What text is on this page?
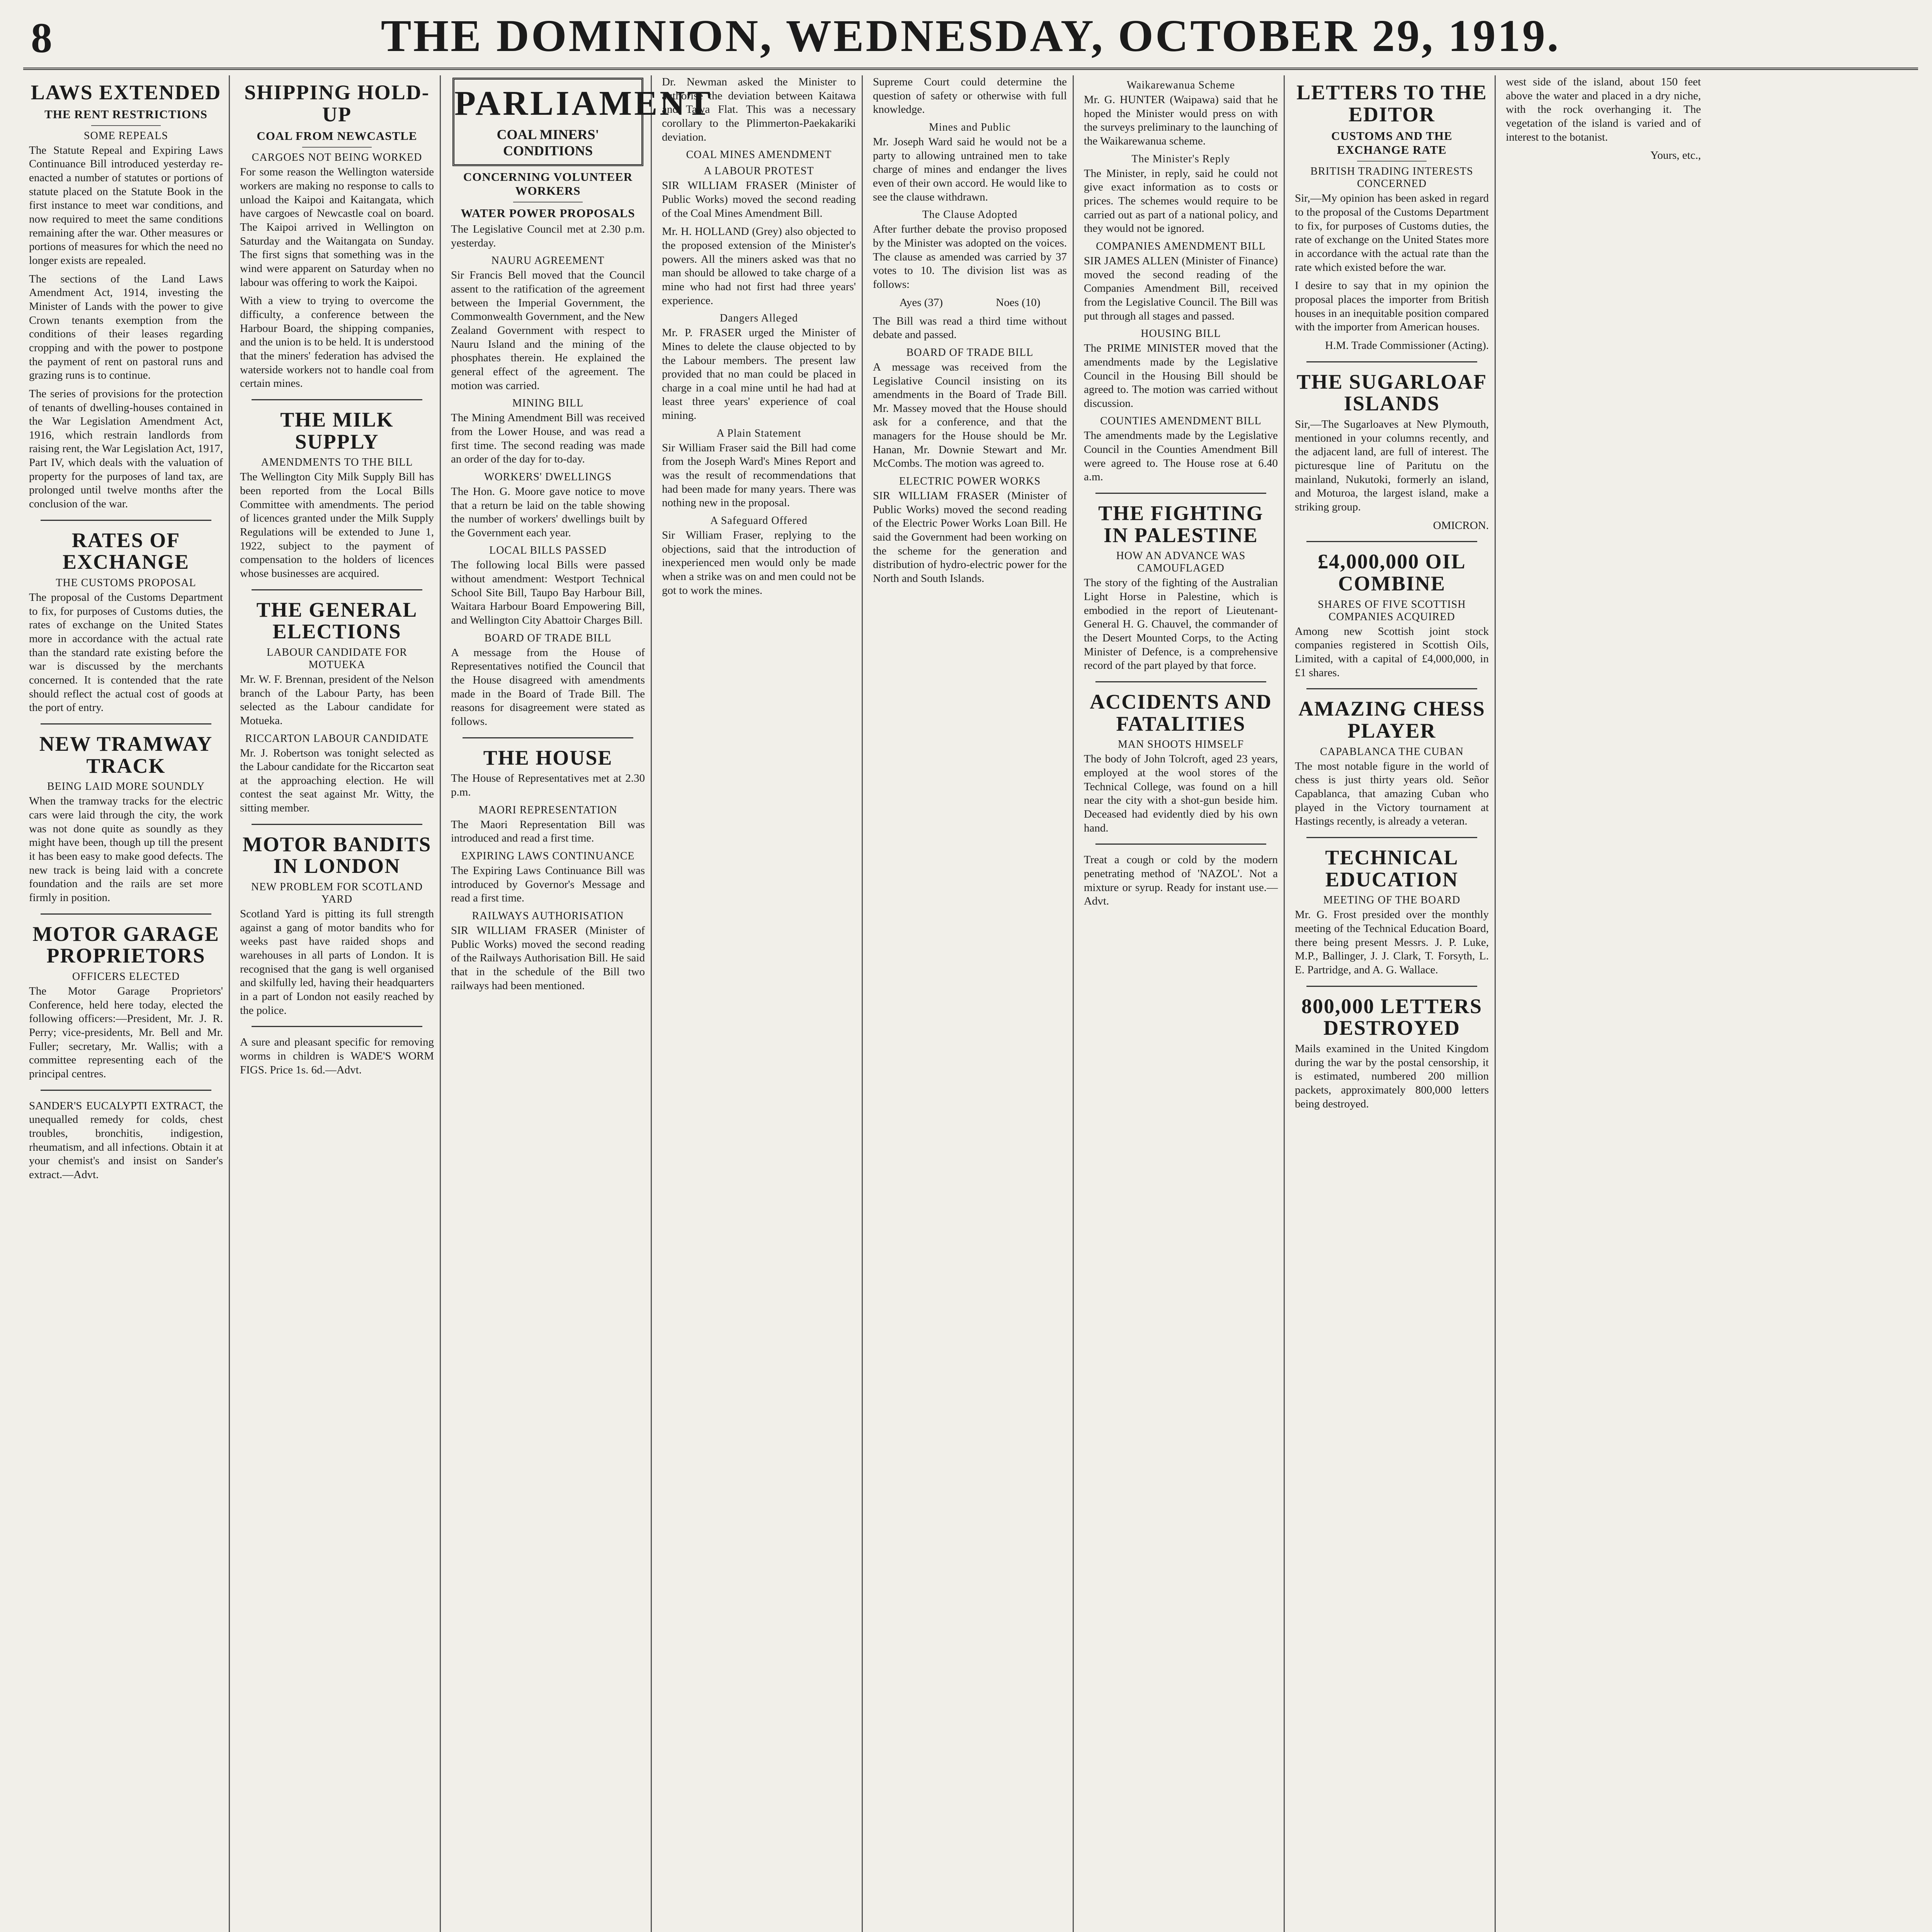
8	THE DOMINION, WEDNESDAY, OCTOBER 29, 1919.
LAWS EXTENDED
THE RENT RESTRICTIONS
SOME REPEALS

The Statute Repeal and Expiring Laws Continuance Bill introduced yesterday re-enacted a number of statutes or portions of statute placed on the Statute Book in the first instance to meet war conditions, and now required to meet the same conditions remaining after the war. Other measures or portions of measures for which the need no longer exists are repealed.

The sections of the Land Laws Amendment Act, 1914, investing the Minister of Lands with the power to give Crown tenants exemption from the conditions of their leases regarding cropping and with the power to postpone the payment of rent on pastoral runs and grazing runs is to continue.

The series of provisions for the protection of tenants of dwelling-houses contained in the War Legislation Amendment Act, 1916, which restrain landlords from raising rent, the War Legislation Act, 1917, Part IV, which deals with the valuation of property for the purposes of land tax, are prolonged until twelve months after the conclusion of the war.

RATES OF EXCHANGE
THE CUSTOMS PROPOSAL

The proposal of the Customs Department to fix, for purposes of Customs duties, the rates of exchange on the United States more in accordance with the actual rate than the standard rate existing before the war is discussed by the merchants concerned. It is contended that the rate should reflect the actual cost of goods at the port of entry.

NEW TRAMWAY TRACK
BEING LAID MORE SOUNDLY

When the tramway tracks for the electric cars were laid through the city, the work was not done quite as soundly as they might have been, though up till the present it has been easy to make good defects. The new track is being laid with a concrete foundation and the rails are set more firmly in position.

MOTOR GARAGE PROPRIETORS
OFFICERS ELECTED

The Motor Garage Proprietors' Conference, held here today, elected the following officers:—President, Mr. J. R. Perry; vice-presidents, Mr. Bell and Mr. Fuller; secretary, Mr. Wallis; with a committee representing each of the principal centres.

SANDER'S EUCALYPTI EXTRACT, the unequalled remedy for colds, chest troubles, bronchitis, indigestion, rheumatism, and all infections. Obtain it at your chemist's and insist on Sander's extract.—Advt.

SHIPPING HOLD-UP
COAL FROM NEWCASTLE
CARGOES NOT BEING WORKED

For some reason the Wellington waterside workers are making no response to calls to unload the Kaipoi and Kaitangata, which have cargoes of Newcastle coal on board. The Kaipoi arrived in Wellington on Saturday and the Waitangata on Sunday. The first signs that something was in the wind were apparent on Saturday when no labour was offering to work the Kaipoi.

With a view to trying to overcome the difficulty, a conference between the Harbour Board, the shipping companies, and the union is to be held. It is understood that the miners' federation has advised the waterside workers not to handle coal from certain mines.

THE MILK SUPPLY
AMENDMENTS TO THE BILL

The Wellington City Milk Supply Bill has been reported from the Local Bills Committee with amendments. The period of licences granted under the Milk Supply Regulations will be extended to June 1, 1922, subject to the payment of compensation to the holders of licences whose businesses are acquired.

THE GENERAL ELECTIONS
LABOUR CANDIDATE FOR MOTUEKA

Mr. W. F. Brennan, president of the Nelson branch of the Labour Party, has been selected as the Labour candidate for Motueka.

RICCARTON LABOUR CANDIDATE

Mr. J. Robertson was tonight selected as the Labour candidate for the Riccarton seat at the approaching election. He will contest the seat against Mr. Witty, the sitting member.

MOTOR BANDITS IN LONDON
NEW PROBLEM FOR SCOTLAND YARD

Scotland Yard is pitting its full strength against a gang of motor bandits who for weeks past have raided shops and warehouses in all parts of London. It is recognised that the gang is well organised and skilfully led, having their headquarters in a part of London not easily reached by the police.

A sure and pleasant specific for removing worms in children is WADE'S WORM FIGS. Price 1s. 6d.—Advt.

PARLIAMENT
COAL MINERS' CONDITIONS
CONCERNING VOLUNTEER WORKERS
WATER POWER PROPOSALS

The Legislative Council met at 2.30 p.m. yesterday.

NAURU AGREEMENT

Sir Francis Bell moved that the Council assent to the ratification of the agreement between the Imperial Government, the Commonwealth Government, and the New Zealand Government with respect to Nauru Island and the mining of the phosphates therein. He explained the general effect of the agreement. The motion was carried.

MINING BILL

The Mining Amendment Bill was received from the Lower House, and was read a first time. The second reading was made an order of the day for to-day.

WORKERS' DWELLINGS

The Hon. G. Moore gave notice to move that a return be laid on the table showing the number of workers' dwellings built by the Government each year.

LOCAL BILLS PASSED

The following local Bills were passed without amendment: Westport Technical School Site Bill, Taupo Bay Harbour Bill, Waitara Harbour Board Empowering Bill, and Wellington City Abattoir Charges Bill.

BOARD OF TRADE BILL

A message from the House of Representatives notified the Council that the House disagreed with amendments made in the Board of Trade Bill. The reasons for disagreement were stated as follows.

THE HOUSE

The House of Representatives met at 2.30 p.m.

MAORI REPRESENTATION

The Maori Representation Bill was introduced and read a first time.

EXPIRING LAWS CONTINUANCE

The Expiring Laws Continuance Bill was introduced by Governor's Message and read a first time.

RAILWAYS AUTHORISATION

SIR WILLIAM FRASER (Minister of Public Works) moved the second reading of the Railways Authorisation Bill. He said that in the schedule of the Bill two railways had been mentioned.

Dr. Newman asked the Minister to authorise the deviation between Kaitawa and Tawa Flat. This was a necessary corollary to the Plimmerton-Paekakariki deviation.

COAL MINES AMENDMENT
A LABOUR PROTEST

SIR WILLIAM FRASER (Minister of Public Works) moved the second reading of the Coal Mines Amendment Bill.

Mr. H. HOLLAND (Grey) also objected to the proposed extension of the Minister's powers. All the miners asked was that no man should be allowed to take charge of a mine who had not first had three years' experience.

Dangers Alleged

Mr. P. FRASER urged the Minister of Mines to delete the clause objected to by the Labour members. The present law provided that no man could be placed in charge in a coal mine until he had had at least three years' experience of coal mining.

A Plain Statement

Sir William Fraser said the Bill had come from the Joseph Ward's Mines Report and was the result of recommendations that had been made for many years. There was nothing new in the proposal.

A Safeguard Offered

Sir William Fraser, replying to the objections, said that the introduction of inexperienced men would only be made when a strike was on and men could not be got to work the mines.

Supreme Court could determine the question of safety or otherwise with full knowledge.

Mines and Public

Mr. Joseph Ward said he would not be a party to allowing untrained men to take charge of mines and endanger the lives even of their own accord. He would like to see the clause withdrawn.

The Clause Adopted

After further debate the proviso proposed by the Minister was adopted on the voices. The clause as amended was carried by 37 votes to 10. The division list was as follows:

Ayes (37)	Noes (10)

The Bill was read a third time without debate and passed.

BOARD OF TRADE BILL

A message was received from the Legislative Council insisting on its amendments in the Board of Trade Bill. Mr. Massey moved that the House should ask for a conference, and that the managers for the House should be Mr. Hanan, Mr. Downie Stewart and Mr. McCombs. The motion was agreed to.

ELECTRIC POWER WORKS

SIR WILLIAM FRASER (Minister of Public Works) moved the second reading of the Electric Power Works Loan Bill. He said the Government had been working on the scheme for the generation and distribution of hydro-electric power for the North and South Islands.

Waikarewanua Scheme

Mr. G. HUNTER (Waipawa) said that he hoped the Minister would press on with the surveys preliminary to the launching of the Waikarewanua scheme.

The Minister's Reply

The Minister, in reply, said he could not give exact information as to costs or prices. The schemes would require to be carried out as part of a national policy, and they would not be ignored.

COMPANIES AMENDMENT BILL

SIR JAMES ALLEN (Minister of Finance) moved the second reading of the Companies Amendment Bill, received from the Legislative Council. The Bill was put through all stages and passed.

HOUSING BILL

The PRIME MINISTER moved that the amendments made by the Legislative Council in the Housing Bill should be agreed to. The motion was carried without discussion.

COUNTIES AMENDMENT BILL

The amendments made by the Legislative Council in the Counties Amendment Bill were agreed to. The House rose at 6.40 a.m.

THE FIGHTING IN PALESTINE
HOW AN ADVANCE WAS CAMOUFLAGED

The story of the fighting of the Australian Light Horse in Palestine, which is embodied in the report of Lieutenant-General H. G. Chauvel, the commander of the Desert Mounted Corps, to the Acting Minister of Defence, is a comprehensive record of the part played by that force.

ACCIDENTS AND FATALITIES
MAN SHOOTS HIMSELF

The body of John Tolcroft, aged 23 years, employed at the wool stores of the Technical College, was found on a hill near the city with a shot-gun beside him. Deceased had evidently died by his own hand.

Treat a cough or cold by the modern penetrating method of 'NAZOL'. Not a mixture or syrup. Ready for instant use.—Advt.

LETTERS TO THE EDITOR
CUSTOMS AND THE EXCHANGE RATE
BRITISH TRADING INTERESTS CONCERNED

Sir,—My opinion has been asked in regard to the proposal of the Customs Department to fix, for purposes of Customs duties, the rate of exchange on the United States more in accordance with the actual rate than the rate which existed before the war.

I desire to say that in my opinion the proposal places the importer from British houses in an inequitable position compared with the importer from American houses.

H.M. Trade Commissioner (Acting).

THE SUGARLOAF ISLANDS

Sir,—The Sugarloaves at New Plymouth, mentioned in your columns recently, and the adjacent land, are full of interest. The picturesque line of Paritutu on the mainland, Nukutoki, formerly an island, and Moturoa, the largest island, make a striking group.

OMICRON.

£4,000,000 OIL COMBINE
SHARES OF FIVE SCOTTISH COMPANIES ACQUIRED

Among new Scottish joint stock companies registered in Scottish Oils, Limited, with a capital of £4,000,000, in £1 shares.

AMAZING CHESS PLAYER
CAPABLANCA THE CUBAN

The most notable figure in the world of chess is just thirty years old. Señor Capablanca, that amazing Cuban who played in the Victory tournament at Hastings recently, is already a veteran.

TECHNICAL EDUCATION
MEETING OF THE BOARD

Mr. G. Frost presided over the monthly meeting of the Technical Education Board, there being present Messrs. J. P. Luke, M.P., Ballinger, J. J. Clark, T. Forsyth, L. E. Partridge, and A. G. Wallace.

800,000 LETTERS DESTROYED

Mails examined in the United Kingdom during the war by the postal censorship, it is estimated, numbered 200 million packets, approximately 800,000 letters being destroyed.

west side of the island, about 150 feet above the water and placed in a dry niche, with the rock overhanging it. The vegetation of the island is varied and of interest to the botanist.

Yours, etc.,
